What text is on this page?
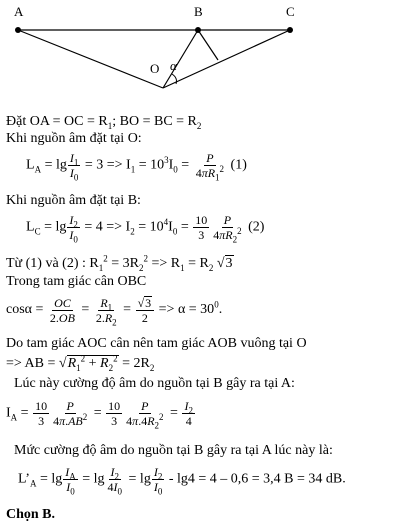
A	B	C
O α
Đặt OA = OC = $R_1$; BO = BC = $R_2$
Khi nguồn âm đặt tại O:
$L_A = \lg \frac{I_1}{I_0} = 3 => I_1 = 10^3I_0 = \frac{P}{4\pi R_1^2} (1)$
Khi nguồn âm đặt tại B:
$L_C = \lg \frac{I_2}{I_0} = 4 => I_2 = 10^4I_0 = \frac{10}{3} \frac{P}{4\pi R_2^2} (2)$
Từ (1) và (2) : $R_1^2 = 3R_2^2 => R_1 = R_2$ √3
Trong tam giác cân OBC
$\cos\alpha = \frac{OC}{2.OB} = \frac{R_1}{2.R_2} = \frac{√3}{2} => \alpha = 30^0$.
Do tam giác AOC cân nên tam giác AOB vuông tại O
=> AB = $√R_1^2 + R_2^2 = 2R_2$
Lúc này cường độ âm do nguồn tại B gây ra tại A:
$I_A = \frac{10}{3} \frac{P}{4\pi.AB^2} = \frac{10}{3} \frac{P}{4\pi.4R_2^2} = \frac{I_2}{4}$
Mức cường độ âm do nguồn tại B gây ra tại A lúc này là:
$L’_A = \lg \frac{I_A}{I_0} = \lg \frac{I_2}{4I_0} = \lg \frac{I_2}{I_0} - \lg 4 = 4 - 0,6 = 3,4$ B = 34 dB.
Chọn B.
